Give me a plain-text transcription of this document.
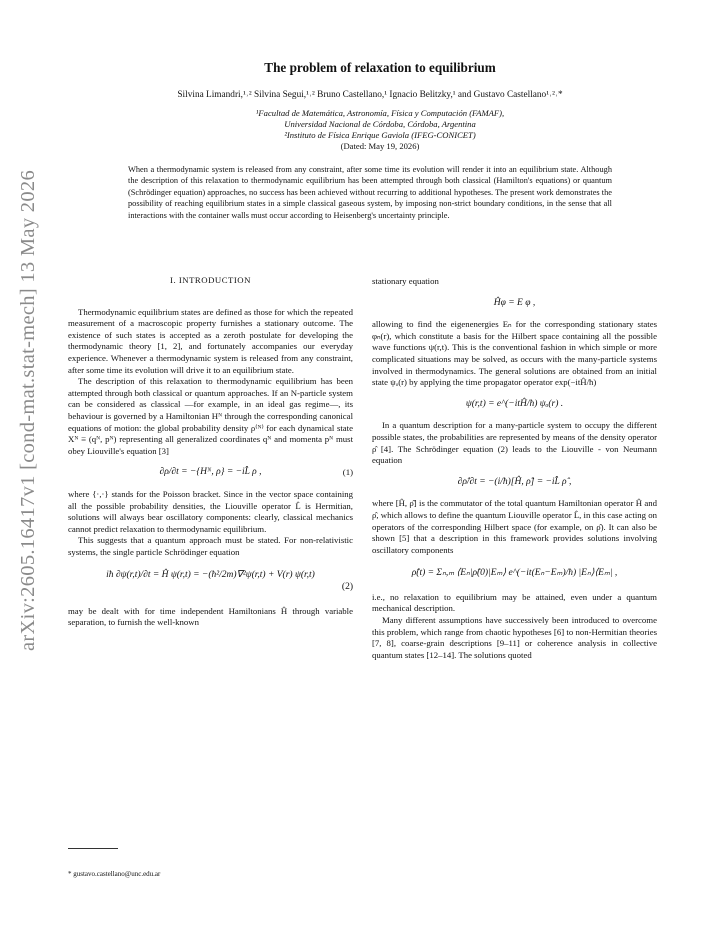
arXiv:2605.16417v1 [cond-mat.stat-mech] 13 May 2026
The problem of relaxation to equilibrium
Silvina Limandri,¹˒² Silvina Segui,¹˒² Bruno Castellano,¹ Ignacio Belitzky,¹ and Gustavo Castellano¹˒²˒*
¹Facultad de Matemática, Astronomía, Física y Computación (FAMAF),
Universidad Nacional de Córdoba, Córdoba, Argentina
²Instituto de Física Enrique Gaviola (IFEG-CONICET)
(Dated: May 19, 2026)
When a thermodynamic system is released from any constraint, after some time its evolution will render it into an equilibrium state. Although the description of this relaxation to thermodynamic equilibrium has been attempted through both classical (Hamilton's equations) or quantum (Schrödinger equation) approaches, no success has been achieved without recurring to additional hypotheses. The present work demonstrates the possibility of reaching equilibrium states in a simple classical gaseous system, by imposing non-strict boundary conditions, in the sense that all interactions with the container walls must occur according to Heisenberg's uncertainty principle.
I. INTRODUCTION

Thermodynamic equilibrium states are defined as those for which the repeated measurement of a macroscopic property furnishes a stationary outcome. The existence of such states is accepted as a zeroth postulate for developing the thermodynamic theory [1, 2], and fortunately accompanies our everyday experience. Whenever a thermodynamic system is released from any constraint, after some time its evolution will drive it to an equilibrium state.

The description of this relaxation to thermodynamic equilibrium has been attempted through both classical or quantum approaches. If an N-particle system can be considered as classical —for example, in an ideal gas regime—, its behaviour is governed by a Hamiltonian Hᴺ through the corresponding canonical equations of motion: the global probability density ρ⁽ᴺ⁾ for each dynamical state Xᴺ ≡ (qᴺ, pᴺ) representing all generalized coordinates qᴺ and momenta pᴺ must obey Liouville's equation [3]

∂ρ/∂t = −{Hᴺ, ρ} = −iL̂ ρ ,	(1)

where {·,·} stands for the Poisson bracket. Since in the vector space containing all the possible probability densities, the Liouville operator L̂ is Hermitian, solutions will always bear oscillatory components: clearly, classical mechanics cannot predict relaxation to thermodynamic equilibrium.

This suggests that a quantum approach must be stated. For non-relativistic systems, the single particle Schrödinger equation

iħ ∂ψ(r,t)/∂t = Ĥ ψ(r,t) = −(ħ²/2m)∇²ψ(r,t) + V(r) ψ(r,t)
(2)

may be dealt with for time independent Hamiltonians Ĥ through variable separation, to furnish the well-known

stationary equation

Ĥφ = E φ ,

allowing to find the eigenenergies Eₙ for the corresponding stationary states φₙ(r), which constitute a basis for the Hilbert space containing all the possible wave functions ψ(r,t). This is the conventional fashion in which simple or more complicated situations may be solved, as occurs with the many-particle systems involved in thermodynamics. The general solutions are obtained from an initial state ψₒ(r) by applying the time propagator operator exp(−itĤ/ħ)

ψ(r,t) = e^(−itĤ/ħ) ψₒ(r) .

In a quantum description for a many-particle system to occupy the different possible states, the probabilities are represented by means of the density operator ρ̂ [4]. The Schrödinger equation (2) leads to the Liouville - von Neumann equation

∂ρ̂/∂t = −(i/ħ)[Ĥ, ρ̂] = −iL̂ ρ̂ ,

where [Ĥ, ρ̂] is the commutator of the total quantum Hamiltonian operator Ĥ and ρ̂, which allows to define the quantum Liouville operator L̂, in this case acting on operators of the corresponding Hilbert space (for example, on ρ̂). It can also be shown [5] that a description in this framework provides solutions involving oscillatory components

ρ̂(t) = Σₙ,ₘ ⟨Eₙ|ρ̂(0)|Eₘ⟩ e^(−it(Eₙ−Eₘ)/ħ) |Eₙ⟩⟨Eₘ| ,

i.e., no relaxation to equilibrium may be attained, even under a quantum mechanical description.

Many different assumptions have successively been introduced to overcome this problem, which range from chaotic hypotheses [6] to non-Hermitian theories [7, 8], coarse-grain descriptions [9–11] or coherence analysis in collective quantum states [12–14]. The solutions quoted

* gustavo.castellano@unc.edu.ar
